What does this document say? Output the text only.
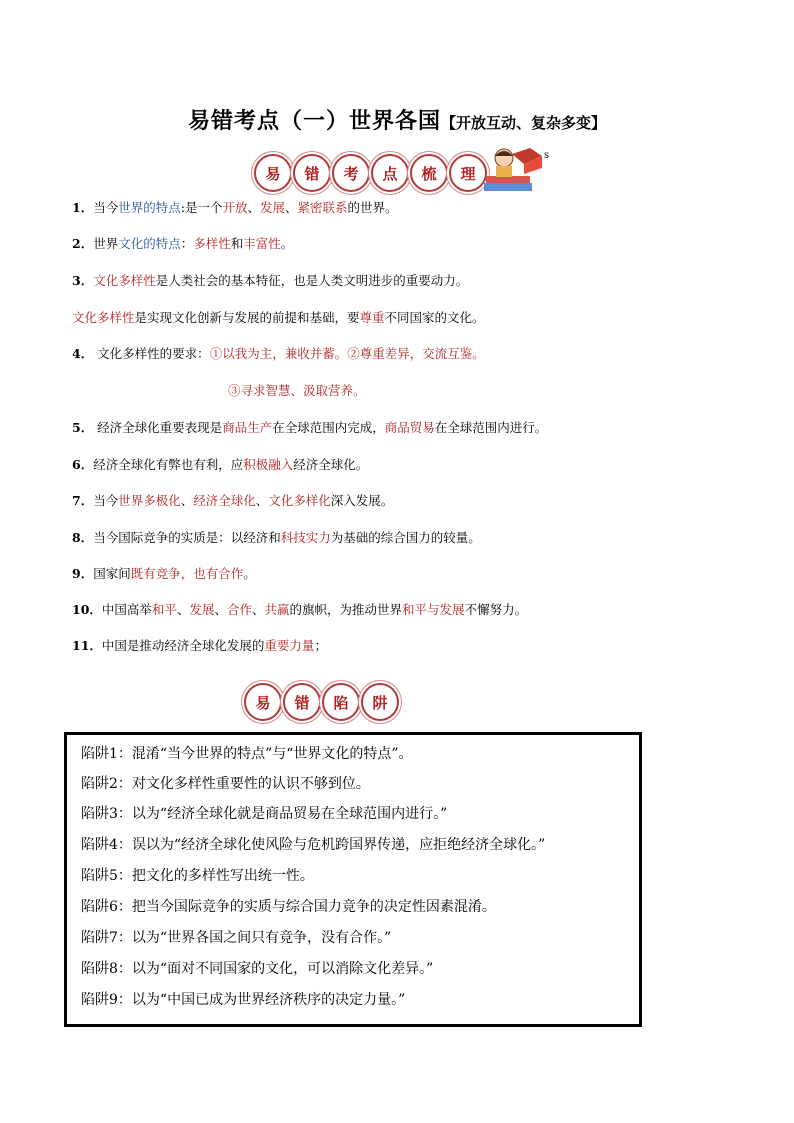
易错考点（一）世界各国【开放互动、复杂多变】
易	错	考	点	梳	理
s
1．当今世界的特点:是一个开放、发展、紧密联系的世界。
2．世界文化的特点：多样性和丰富性。
3．文化多样性是人类社会的基本特征，也是人类文明进步的重要动力。
文化多样性是实现文化创新与发展的前提和基础，要尊重不同国家的文化。
4． 文化多样性的要求：①以我为主，兼收并蓄。②尊重差异，交流互鉴。
③寻求智慧、汲取营养。
5． 经济全球化重要表现是商品生产在全球范围内完成，商品贸易在全球范围内进行。
6．经济全球化有弊也有利，应积极融入经济全球化。
7．当今世界多极化、经济全球化、文化多样化深入发展。
8．当今国际竞争的实质是：以经济和科技实力为基础的综合国力的较量。
9．国家间既有竞争，也有合作。
10．中国高举和平、发展、合作、共赢的旗帜，为推动世界和平与发展不懈努力。
11．中国是推动经济全球化发展的重要力量；
易	错	陷	阱
陷阱1：混淆“当今世界的特点”与“世界文化的特点”。
陷阱2：对文化多样性重要性的认识不够到位。
陷阱3：以为“经济全球化就是商品贸易在全球范围内进行。”
陷阱4：误以为“经济全球化使风险与危机跨国界传递，应拒绝经济全球化。”
陷阱5：把文化的多样性写出统一性。
陷阱6：把当今国际竞争的实质与综合国力竞争的决定性因素混淆。
陷阱7：以为“世界各国之间只有竞争，没有合作。”
陷阱8：以为“面对不同国家的文化，可以消除文化差异。”
陷阱9：以为“中国已成为世界经济秩序的决定力量。”
